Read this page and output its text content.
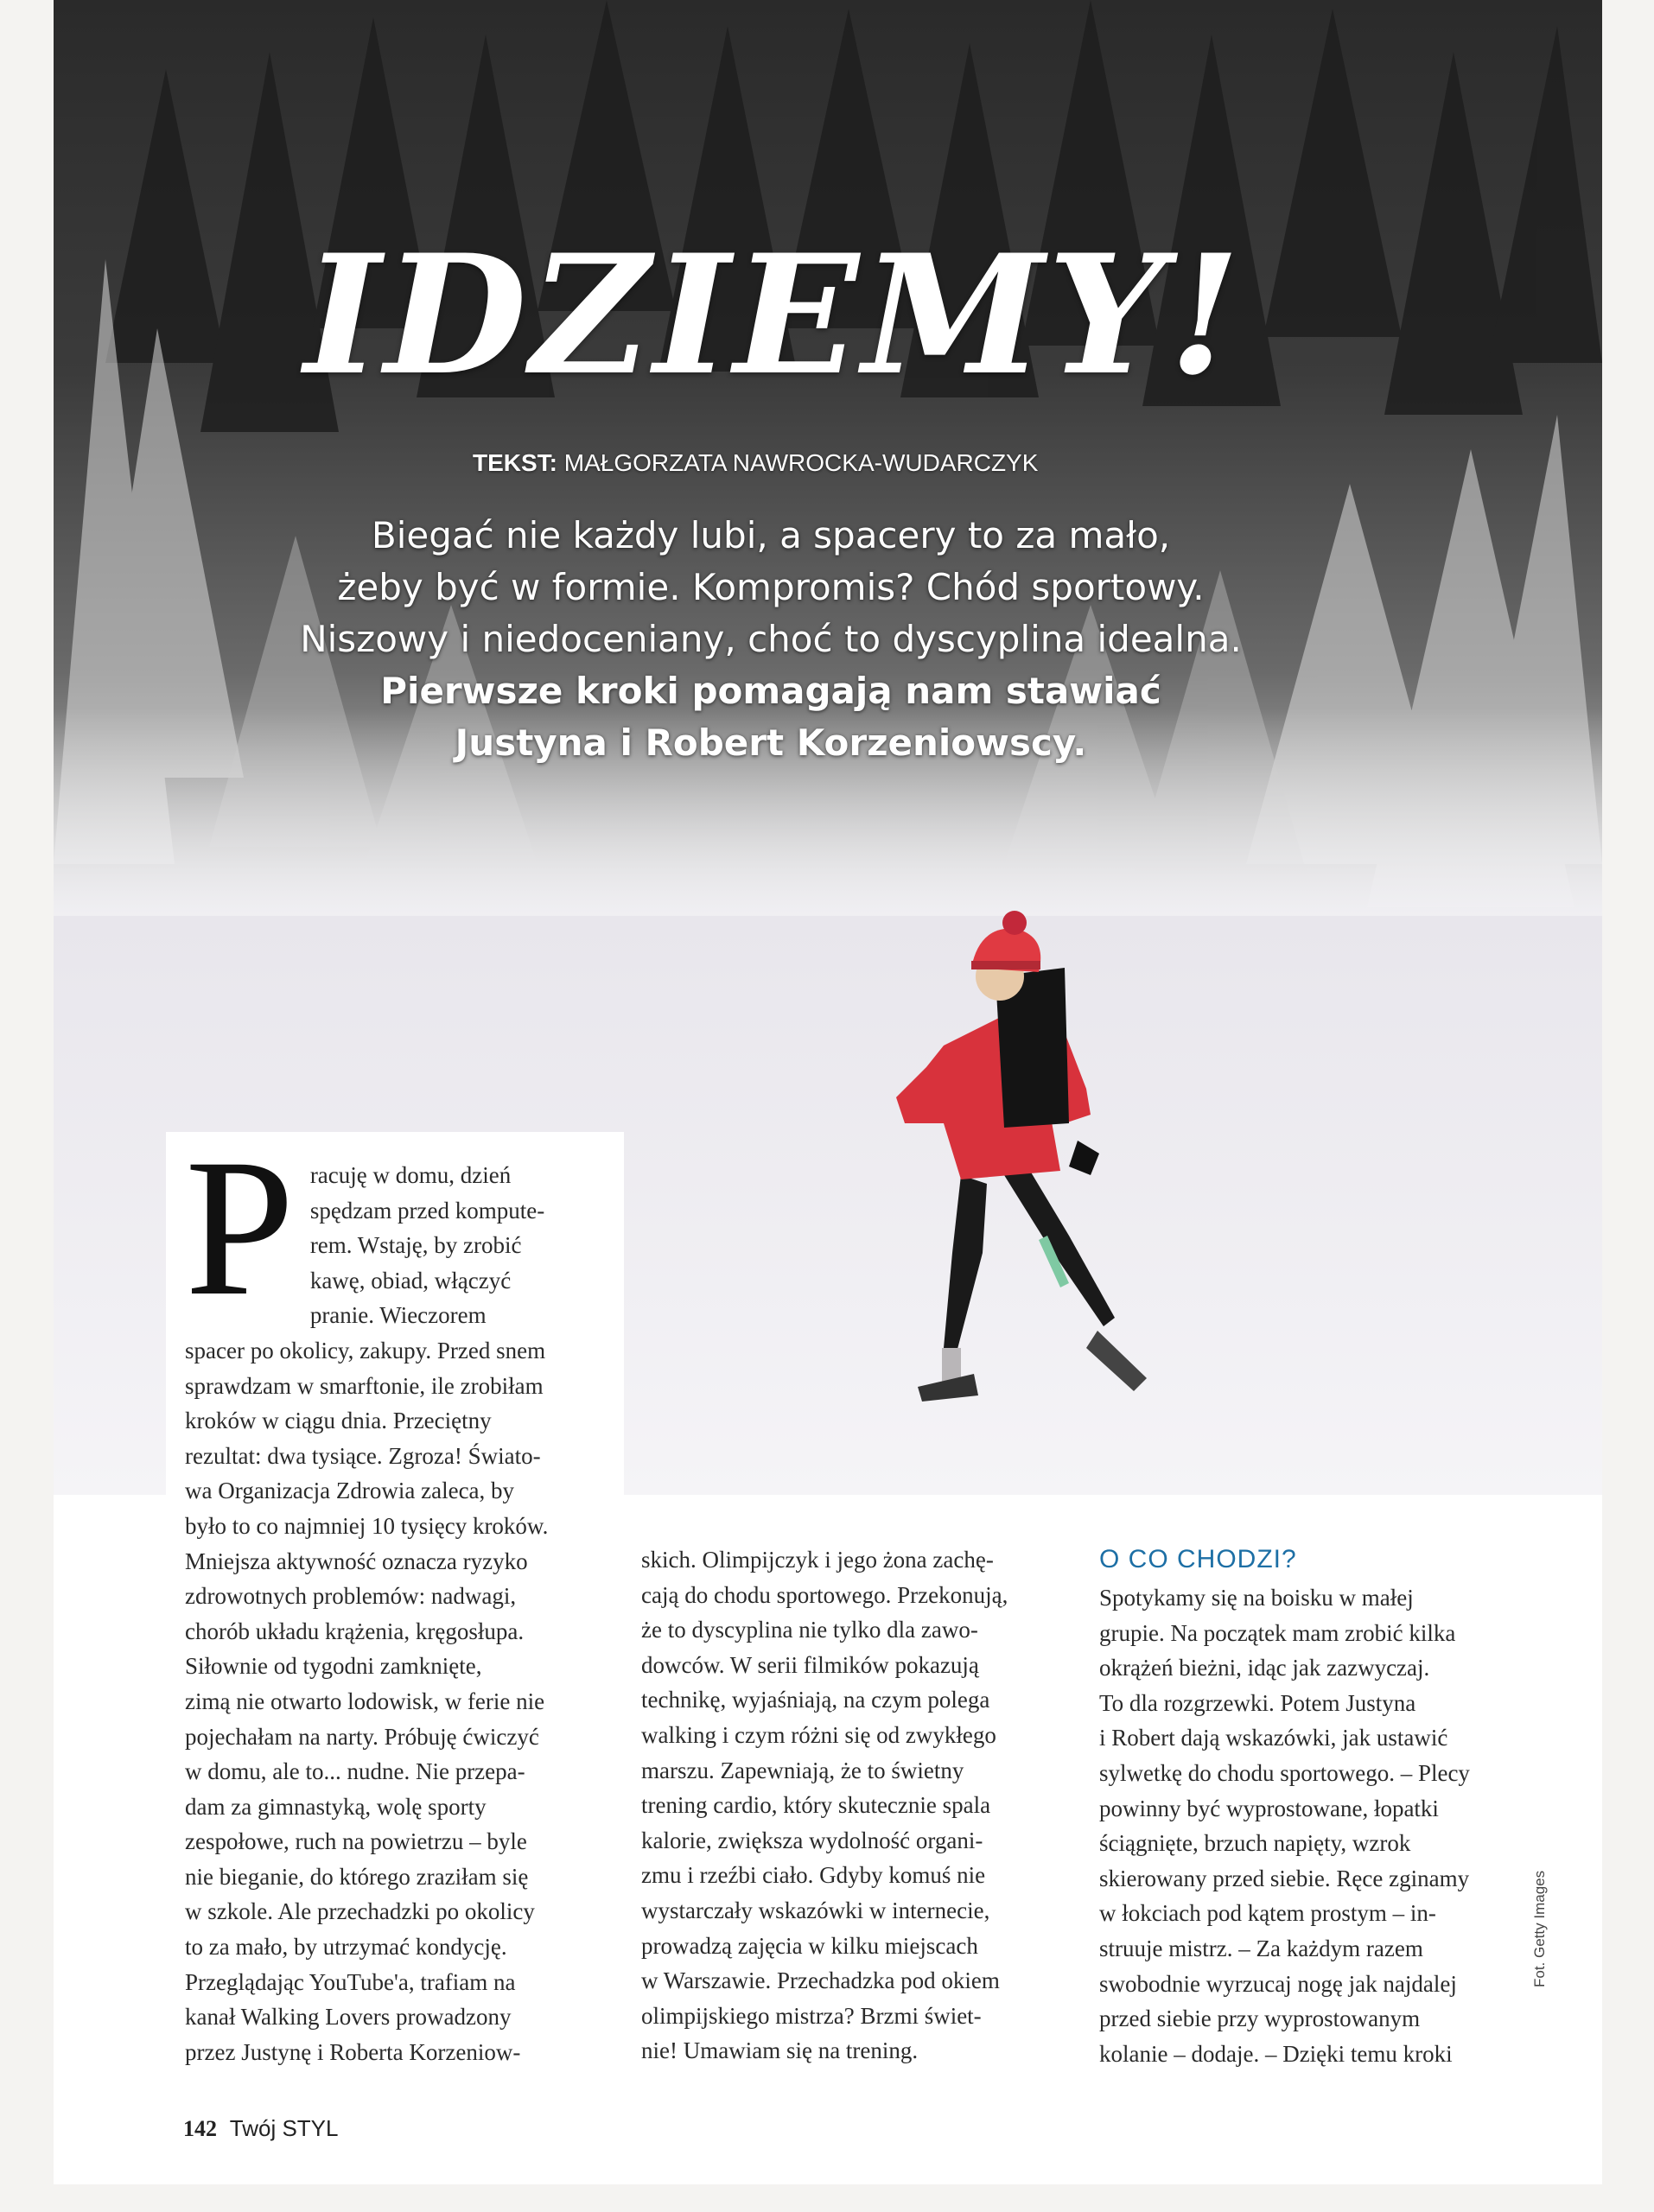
IDZIEMY!
TEKST: MAŁGORZATA NAWROCKA-WUDARCZYK
Biegać nie każdy lubi, a spacery to za mało,
żeby być w formie. Kompromis? Chód sportowy.
Niszowy i niedoceniany, choć to dyscyplina idealna.
Pierwsze kroki pomagają nam stawiać
Justyna i Robert Korzeniowscy.
P racuję w domu, dzień
spędzam przed kompute-
rem. Wstaję, by zrobić
kawę, obiad, włączyć
pranie. Wieczorem
spacer po okolicy, zakupy. Przed snem
sprawdzam w smarftonie, ile zrobiłam
kroków w ciągu dnia. Przeciętny
rezultat: dwa tysiące. Zgroza! Świato-
wa Organizacja Zdrowia zaleca, by
było to co najmniej 10 tysięcy kroków.
Mniejsza aktywność oznacza ryzyko
zdrowotnych problemów: nadwagi,
chorób układu krążenia, kręgosłupa.
Siłownie od tygodni zamknięte,
zimą nie otwarto lodowisk, w ferie nie
pojechałam na narty. Próbuję ćwiczyć
w domu, ale to... nudne. Nie przepa-
dam za gimnastyką, wolę sporty
zespołowe, ruch na powietrzu – byle
nie bieganie, do którego zraziłam się
w szkole. Ale przechadzki po okolicy
to za mało, by utrzymać kondycję.
Przeglądając YouTube'a, trafiam na
kanał Walking Lovers prowadzony
przez Justynę i Roberta Korzeniow-

skich. Olimpijczyk i jego żona zachę-
cają do chodu sportowego. Przekonują,
że to dyscyplina nie tylko dla zawo-
dowców. W serii filmików pokazują
technikę, wyjaśniają, na czym polega
walking i czym różni się od zwykłego
marszu. Zapewniają, że to świetny
trening cardio, który skutecznie spala
kalorie, zwiększa wydolność organi-
zmu i rzeźbi ciało. Gdyby komuś nie
wystarczały wskazówki w internecie,
prowadzą zajęcia w kilku miejscach
w Warszawie. Przechadzka pod okiem
olimpijskiego mistrza? Brzmi świet-
nie! Umawiam się na trening.

O CO CHODZI?

Spotykamy się na boisku w małej
grupie. Na początek mam zrobić kilka
okrążeń bieżni, idąc jak zazwyczaj.
To dla rozgrzewki. Potem Justyna
i Robert dają wskazówki, jak ustawić
sylwetkę do chodu sportowego. – Plecy
powinny być wyprostowane, łopatki
ściągnięte, brzuch napięty, wzrok
skierowany przed siebie. Ręce zginamy
w łokciach pod kątem prostym – in-
struuje mistrz. – Za każdym razem
swobodnie wyrzucaj nogę jak najdalej
przed siebie przy wyprostowanym
kolanie – dodaje. – Dzięki temu kroki

142 Twój STYL
Fot. Getty Images
